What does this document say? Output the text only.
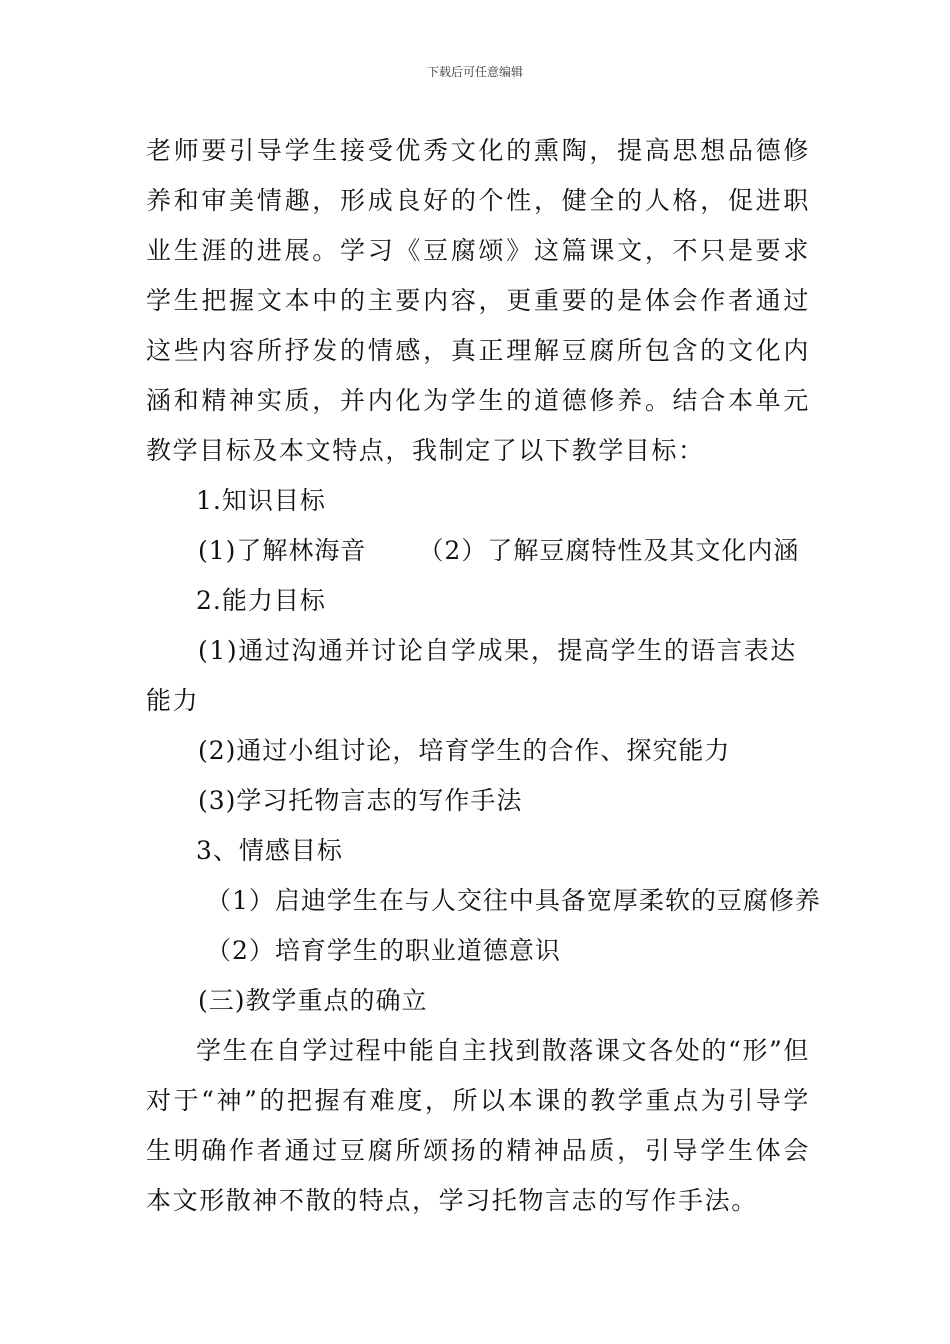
下载后可任意编辑

老师要引导学生接受优秀文化的熏陶，提高思想品德修养和审美情趣，形成良好的个性，健全的人格，促进职业生涯的进展。学习《豆腐颂》这篇课文，不只是要求学生把握文本中的主要内容，更重要的是体会作者通过这些内容所抒发的情感，真正理解豆腐所包含的文化内涵和精神实质，并内化为学生的道德修养。结合本单元教学目标及本文特点，我制定了以下教学目标：

1.知识目标

(1)了解林海音 （2）了解豆腐特性及其文化内涵

2.能力目标

(1)通过沟通并讨论自学成果，提高学生的语言表达能力

(2)通过小组讨论，培育学生的合作、探究能力

(3)学习托物言志的写作手法

3、情感目标

（1）启迪学生在与人交往中具备宽厚柔软的豆腐修养

（2）培育学生的职业道德意识

(三)教学重点的确立

学生在自学过程中能自主找到散落课文各处的“形”但对于“神”的把握有难度，所以本课的教学重点为引导学生明确作者通过豆腐所颂扬的精神品质，引导学生体会本文形散神不散的特点，学习托物言志的写作手法。
